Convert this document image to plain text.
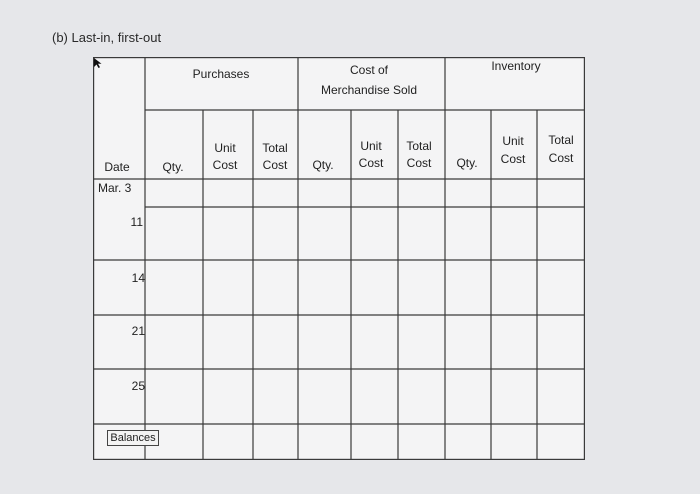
(b) Last-in, first-out
Purchases	Cost of
Merchandise Sold
Inventory
Date	Qty.
Unit
Cost
Total
Cost Qty.
Unit
Cost
Total
Cost Qty.
Unit
Cost
Total
Cost
Mar. 3
11
14
21
25
Balances
